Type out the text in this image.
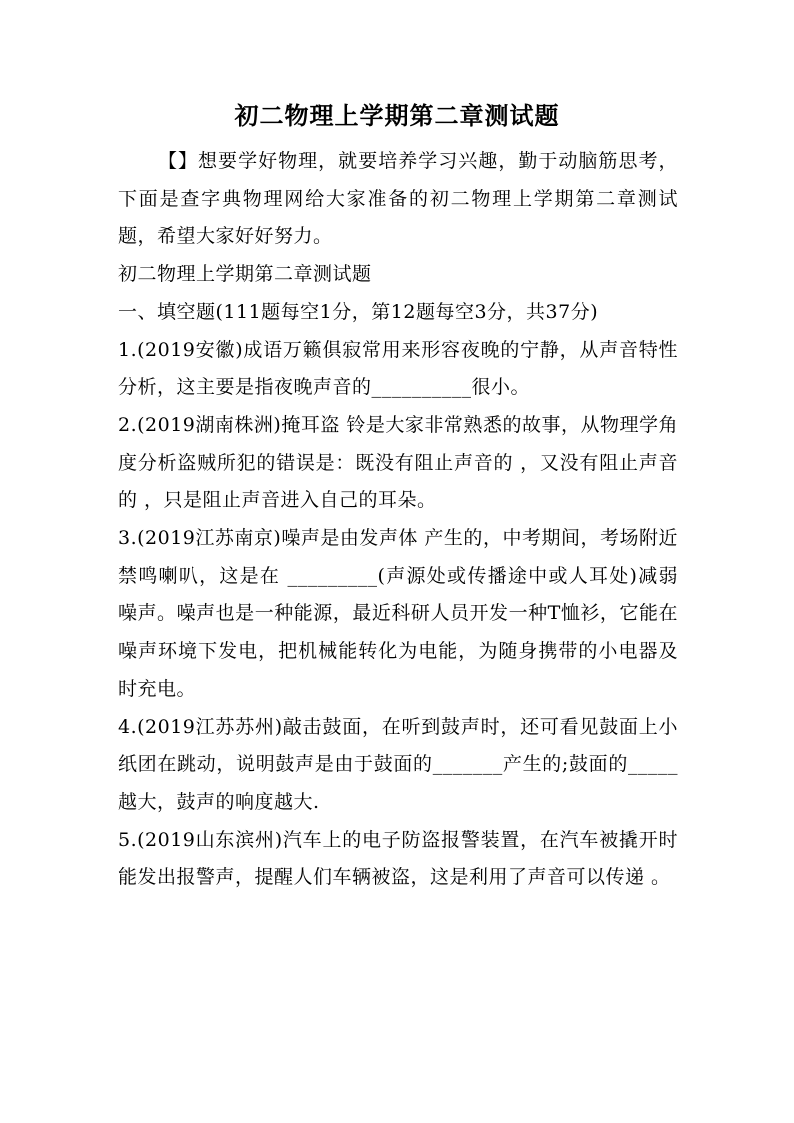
初二物理上学期第二章测试题

【】想要学好物理，就要培养学习兴趣，勤于动脑筋思考，下面是查字典物理网给大家准备的初二物理上学期第二章测试题，希望大家好好努力。

初二物理上学期第二章测试题

一、填空题(111题每空1分，第12题每空3分，共37分)

1.(2019安徽)成语万籁俱寂常用来形容夜晚的宁静，从声音特性分析，这主要是指夜晚声音的__________很小。

2.(2019湖南株洲)掩耳盗 铃是大家非常熟悉的故事，从物理学角度分析盗贼所犯的错误是：既没有阻止声音的 ，又没有阻止声音的 ，只是阻止声音进入自己的耳朵。

3.(2019江苏南京)噪声是由发声体 产生的，中考期间，考场附近禁鸣喇叭，这是在 _________(声源处或传播途中或人耳处)减弱噪声。噪声也是一种能源，最近科研人员开发一种T恤衫，它能在噪声环境下发电，把机械能转化为电能，为随身携带的小电器及时充电。

4.(2019江苏苏州)敲击鼓面，在听到鼓声时，还可看见鼓面上小纸团在跳动，说明鼓声是由于鼓面的_______产生的;鼓面的_____越大，鼓声的响度越大.

5.(2019山东滨州)汽车上的电子防盗报警装置，在汽车被撬开时能发出报警声，提醒人们车辆被盗，这是利用了声音可以传递 。
